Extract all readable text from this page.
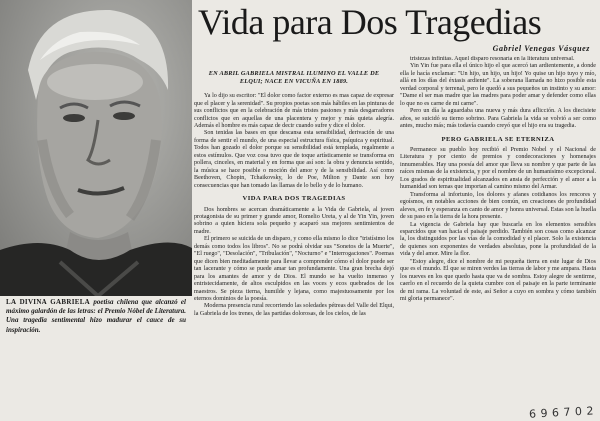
LA DIVINA GABRIELA poetisa chilena que alcanzó el máximo galardón de las letras: el Premio Nóbel de Literatura. Una tragedia sentimental hizo madurar el cauce de su inspiración.
Vida para Dos Tragedias
Gabriel Venegas Vásquez
EN ABRIL GABRIELA MISTRAL ILUMINO EL VALLE DE ELQUI; NACE EN VICUÑA EN 1889.

Ya lo dijo su escritor: "El dolor como factor externo es mas capaz de expresar que el placer y la serenidad". Su propios poetas son más hábiles en las pinturas de sus conflictos que en la celebración de más tristes pasiones y más desgarradores conflictos que en aquellas de una placentera y mejor y más quieta alegría. Además el hombre es más capaz de decir cuando sufre y dice el dolor.

Son tenidas las bases en que descansa esta sensibilidad, derivación de una forma de sentir el mundo, de una especial estructura física, psíquica y espiritual. Todos han gozado el dolor porque su sensibilidad está templada, regalmente a estos estímulos. Que voz cosa tuvo que de toque artísticamente se transforma en pollera, cinceles, en material y en forma que así son: la obra y denuncia sentido, la música se hace posible o moción del amor y de la sensibilidad. Así como Beethoven, Chopin, Tchaikovsky, lo de Poe, Milton y Dante son hoy consecuencias que han tomado las llamas de lo bello y de lo humano.

VIDA PARA DOS TRAGEDIAS

Dos hombres se acercan dramáticamente a la Vida de Gabriela, al joven protagonista de su primer y grande amor, Romelio Ureta, y al de Yin Yin, joven sobrino a quien hiciera sola pequeño y acaparó sus mejores sentimientos de madre.

El primero se suicida de un disparo, y como ella mismo lo dice "tristísimo los demás como todos los libros". No se podrá olvidar sus "Sonetos de la Muerte", "El ruego", "Desolación", "Tribulación", "Nocturno" e "Interrogaciones". Poemas que dicen bien meditadamente para llevar a comprender cómo el dolor puede ser tan lacerante y cómo se puede amar tan profundamente. Una gran brecha dejó para los amantes de amor y de Dios. El mundo se ha vuelto inmenso y entristecidamente, de altos esculpidos en las voces y ecos quebrados de los maestros. Se pieza tierna, humilde y lejana, como majestuosamente por los eternos dominios de la poesía.

Moderna presencia rural recorriendo las soledades pétreas del Valle del Elqui, la Gabriela de los trenes, de las partidas dolorosas, de los cielos, de las

tristezas infinitas. Aquel disparo resonaría en la literatura universal.

Yin Yin fue para ella el único hijo el que acercó tan ardientemente, a donde ella le hacía exclamar: "Un hijo, un hijo, un hijo! Yo quise un hijo tuyo y mío, allá en los días del éxtasis ardiente". La soberana llamada no hizo posible esta verdad corporal y terrenal, pero le quedó a sus pequeños un instinto y su amor: "Dame el ser mas madre que las madres para poder amar y defender como ellas lo que no es carne de mi carne".

Pero un día la aguardaba una nueva y más dura aflicción. A los diecisiete años, se suicidó su tierno sobrino. Para Gabriela la vida se volvió a ser como antes, mucho más; más todavía cuando creyó que el hijo era su tragedia.

PERO GABRIELA SE ETERNIZA

Permanece su pueblo hoy recibió el Premio Nobel y el Nacional de Literatura y por ciento de premios y condecoraciones y homenajes innumerables. Hay una poesía del amor que lleva su nombre y que parte de las raíces mismas de la existencia, y por el nombre de un humanísimo excepcional. Los grados de espiritualidad alcanzados en ansia de perfección y el amor a la humanidad son temas que importan al camino mismo del Armar.

Transforma al infortunio, los dolores y afanes cotidianos los rencores y egoísmos, en notables acciones de bien común, en creaciones de profundidad aleves, en fe y esperanza en canto de amor y honra universal. Estas son la huella de su paso en la tierra de la hora presente.

La vigencia de Gabriela hay que buscarla en los elementos sensibles esparcidos que van hacia el paisaje perdido. También son cosas como alcanzar la, los distinguidos por las vías de la comodidad y el placer. Solo la existencia de quienes son exponentes de verdades absolutas, pone la profundidad de la vida y del amor. Mire la flor.

"Estoy alegre, dice el nombre de mi pequeña tierra en este lugar de Dios que es el mundo. El que se miren verdes las tierras de labor y me ampara. Hasta los nueves en los que quedo hasta que va de sombra. Estoy alegre de sentirme, caerlo en el recuerdo de la quieta cumbre con el paisaje en la parte terminante de mi rama. La voluntad de este, así Señor a cuyo en sombra y cómo también mi gloria permanece".

6 9 6 7 0 2
